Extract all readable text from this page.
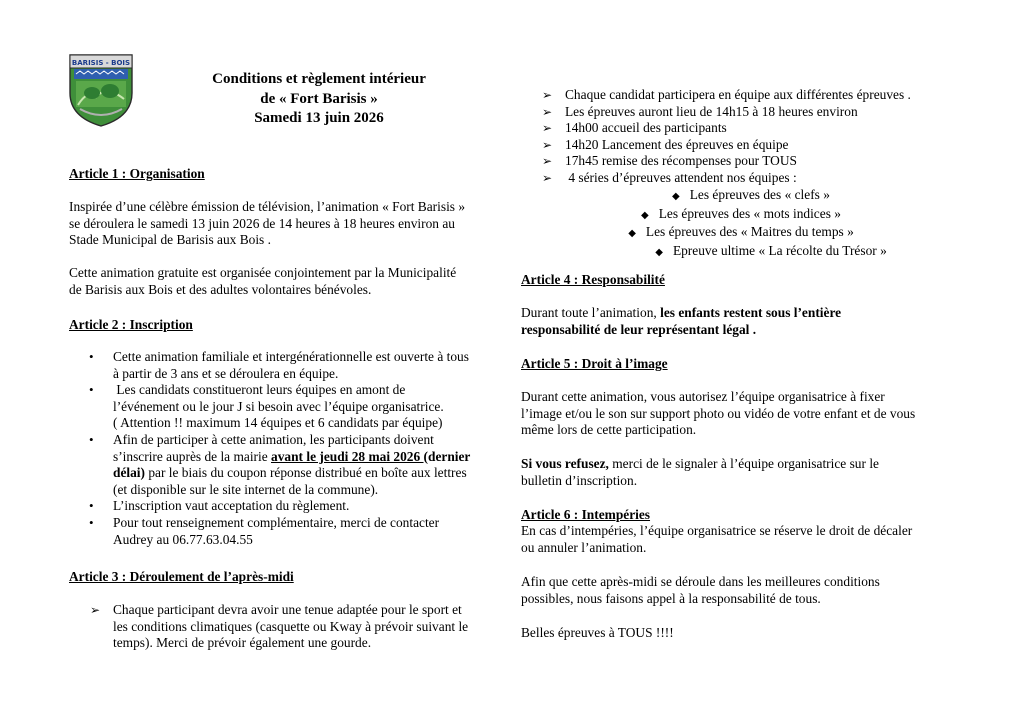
BARISIS - BOIS
Conditions et règlement intérieur
de « Fort Barisis »
Samedi 13 juin 2026
Article 1 : Organisation
Inspirée d’une célèbre émission de télévision, l’animation « Fort Barisis »
se déroulera le samedi 13 juin 2026 de 14 heures à 18 heures environ au
Stade Municipal de Barisis aux Bois .
Cette animation gratuite est organisée conjointement par la Municipalité
de Barisis aux Bois et des adultes volontaires bénévoles.
Article 2 : Inscription
• Cette animation familiale et intergénérationnelle est ouverte à tous
à partir de 3 ans et se déroulera en équipe.
•  Les candidats constitueront leurs équipes en amont de
l’événement ou le jour J si besoin avec l’équipe organisatrice.
( Attention !! maximum 14 équipes et 6 candidats par équipe)
• Afin de participer à cette animation, les participants doivent
s’inscrire auprès de la mairie avant le jeudi 28 mai 2026 (dernier
délai) par le biais du coupon réponse distribué en boîte aux lettres
(et disponible sur le site internet de la commune).
• L’inscription vaut acceptation du règlement.
• Pour tout renseignement complémentaire, merci de contacter
Audrey au 06.77.63.04.55
Article 3 : Déroulement de l’après-midi
➢ Chaque participant devra avoir une tenue adaptée pour le sport et
les conditions climatiques (casquette ou Kway à prévoir suivant le
temps). Merci de prévoir également une gourde.
➢ Chaque candidat participera en équipe aux différentes épreuves .
➢ Les épreuves auront lieu de 14h15 à 18 heures environ
➢ 14h00 accueil des participants
➢ 14h20 Lancement des épreuves en équipe
➢ 17h45 remise des récompenses pour TOUS
➢  4 séries d’épreuves attendent nos équipes :
◆ Les épreuves des « clefs »
◆ Les épreuves des « mots indices »
◆ Les épreuves des « Maitres du temps »
◆ Epreuve ultime « La récolte du Trésor »
Article 4 : Responsabilité
Durant toute l’animation, les enfants restent sous l’entière
responsabilité de leur représentant légal .
Article 5 : Droit à l’image
Durant cette animation, vous autorisez l’équipe organisatrice à fixer
l’image et/ou le son sur support photo ou vidéo de votre enfant et de vous
même lors de cette participation.
Si vous refusez, merci de le signaler à l’équipe organisatrice sur le
bulletin d’inscription.
Article 6 : Intempéries
En cas d’intempéries, l’équipe organisatrice se réserve le droit de décaler
ou annuler l’animation.
Afin que cette après-midi se déroule dans les meilleures conditions
possibles, nous faisons appel à la responsabilité de tous.
Belles épreuves à TOUS !!!!
